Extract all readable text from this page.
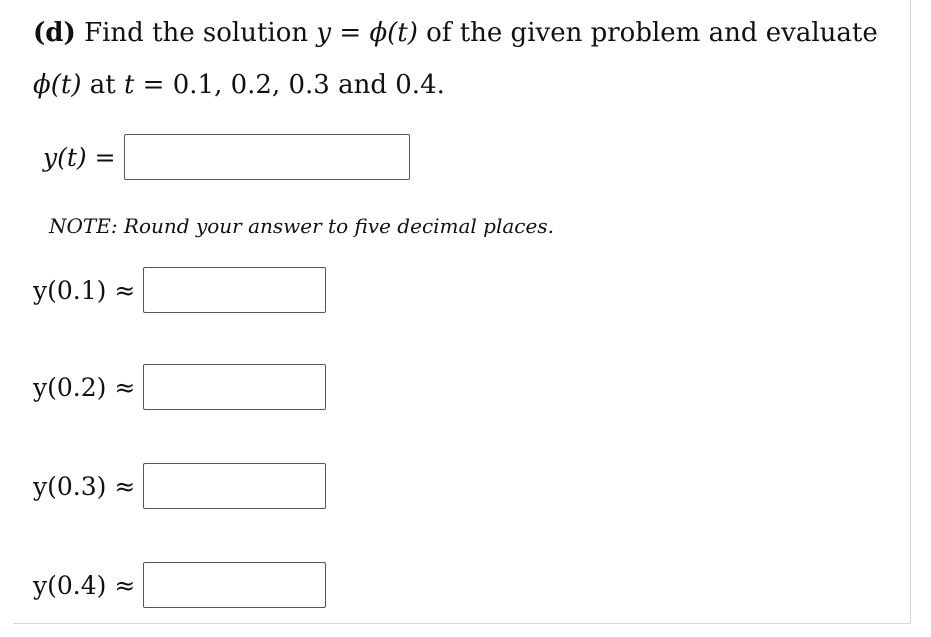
(d) Find the solution y = ϕ(t) of the given problem and evaluate
ϕ(t) at t = 0.1, 0.2, 0.3 and 0.4.
y(t) =
NOTE: Round your answer to five decimal places.
y(0.1) ≈
y(0.2) ≈
y(0.3) ≈
y(0.4) ≈
